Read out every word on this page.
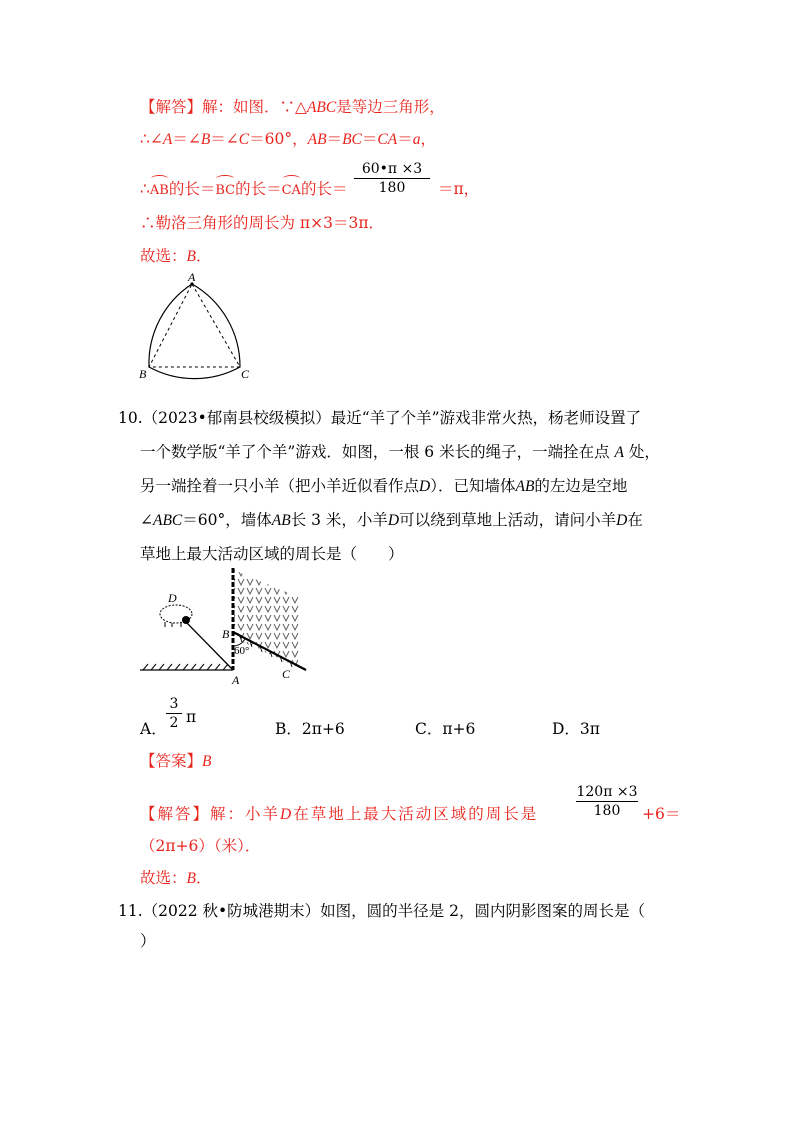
【解答】解：如图．∵△ABC是等边三角形，
∴∠A＝∠B＝∠C＝60°，AB＝BC＝CA＝a，
∴AB的长＝BC的长＝CA的长＝
60•π ×3
180	＝π，
∴勒洛三角形的周长为 π×3＝3π．
故选：B．
A
B	C
10.（2023•郁南县校级模拟）最近“羊了个羊”游戏非常火热，杨老师设置了
一个数学版“羊了个羊”游戏．如图，一根 6 米长的绳子，一端拴在点 A 处，
另一端拴着一只小羊（把小羊近似看作点D）．已知墙体AB的左边是空地
∠ABC＝60°，墙体AB长 3 米，小羊D可以绕到草地上活动，请问小羊D在
草地上最大活动区域的周长是（　　）
D
B
A	C
60°
A．
3
2 π
B．2π+6	C．π+6	D．3π
【答案】B
【解答】解：小羊D在草地上最大活动区域的周长是
120π ×3
180	+6＝
（2π+6）（米）．
故选：B．
11.（2022 秋•防城港期末）如图，圆的半径是 2，圆内阴影图案的周长是（
）
